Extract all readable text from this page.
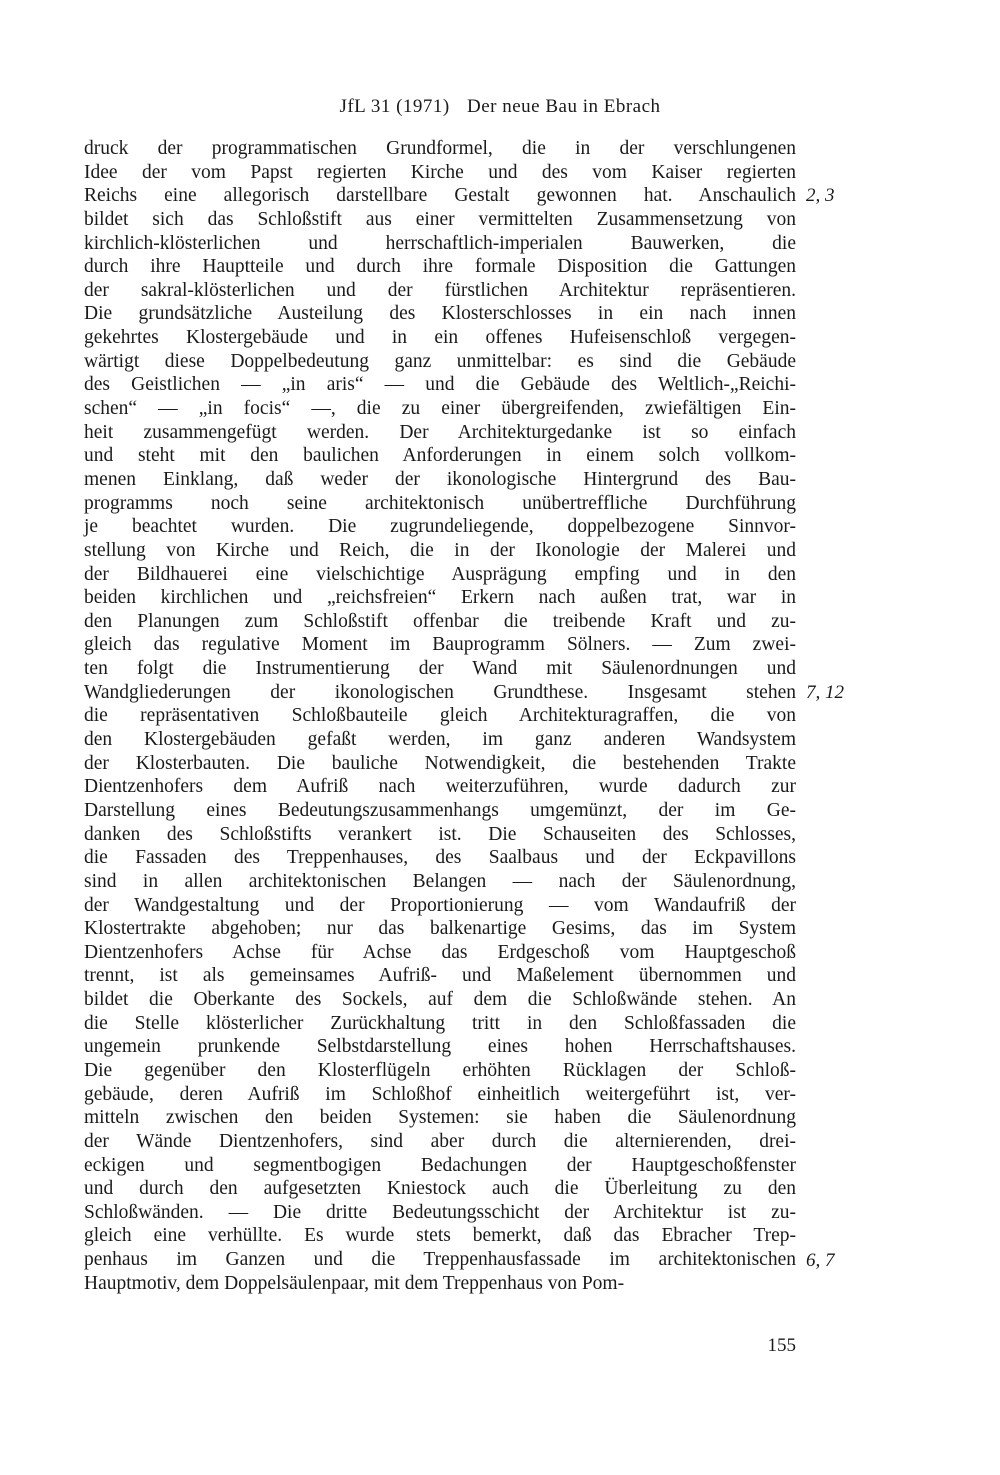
JfL 31 (1971) Der neue Bau in Ebrach
druck der programmatischen Grundformel, die in der verschlungenen
Idee der vom Papst regierten Kirche und des vom Kaiser regierten
Reichs eine allegorisch darstellbare Gestalt gewonnen hat. Anschaulich
bildet sich das Schloßstift aus einer vermittelten Zusammensetzung von
kirchlich-klösterlichen und herrschaftlich-imperialen Bauwerken, die
durch ihre Hauptteile und durch ihre formale Disposition die Gattungen
der sakral-klösterlichen und der fürstlichen Architektur repräsentieren.
Die grundsätzliche Austeilung des Klosterschlosses in ein nach innen
gekehrtes Klostergebäude und in ein offenes Hufeisenschloß vergegen-
wärtigt diese Doppelbedeutung ganz unmittelbar: es sind die Gebäude
des Geistlichen — „in aris“ — und die Gebäude des Weltlich-„Reichi-
schen“ — „in focis“ —, die zu einer übergreifenden, zwiefältigen Ein-
heit zusammengefügt werden. Der Architekturgedanke ist so einfach
und steht mit den baulichen Anforderungen in einem solch vollkom-
menen Einklang, daß weder der ikonologische Hintergrund des Bau-
programms noch seine architektonisch unübertreffliche Durchführung
je beachtet wurden. Die zugrundeliegende, doppelbezogene Sinnvor-
stellung von Kirche und Reich, die in der Ikonologie der Malerei und
der Bildhauerei eine vielschichtige Ausprägung empfing und in den
beiden kirchlichen und „reichsfreien“ Erkern nach außen trat, war in
den Planungen zum Schloßstift offenbar die treibende Kraft und zu-
gleich das regulative Moment im Bauprogramm Sölners. — Zum zwei-
ten folgt die Instrumentierung der Wand mit Säulenordnungen und
Wandgliederungen der ikonologischen Grundthese. Insgesamt stehen
die repräsentativen Schloßbauteile gleich Architekturagraffen, die von
den Klostergebäuden gefaßt werden, im ganz anderen Wandsystem
der Klosterbauten. Die bauliche Notwendigkeit, die bestehenden Trakte
Dientzenhofers dem Aufriß nach weiterzuführen, wurde dadurch zur
Darstellung eines Bedeutungszusammenhangs umgemünzt, der im Ge-
danken des Schloßstifts verankert ist. Die Schauseiten des Schlosses,
die Fassaden des Treppenhauses, des Saalbaus und der Eckpavillons
sind in allen architektonischen Belangen — nach der Säulenordnung,
der Wandgestaltung und der Proportionierung — vom Wandaufriß der
Klostertrakte abgehoben; nur das balkenartige Gesims, das im System
Dientzenhofers Achse für Achse das Erdgeschoß vom Hauptgeschoß
trennt, ist als gemeinsames Aufriß- und Maßelement übernommen und
bildet die Oberkante des Sockels, auf dem die Schloßwände stehen. An
die Stelle klösterlicher Zurückhaltung tritt in den Schloßfassaden die
ungemein prunkende Selbstdarstellung eines hohen Herrschaftshauses.
Die gegenüber den Klosterflügeln erhöhten Rücklagen der Schloß-
gebäude, deren Aufriß im Schloßhof einheitlich weitergeführt ist, ver-
mitteln zwischen den beiden Systemen: sie haben die Säulenordnung
der Wände Dientzenhofers, sind aber durch die alternierenden, drei-
eckigen und segmentbogigen Bedachungen der Hauptgeschoßfenster
und durch den aufgesetzten Kniestock auch die Überleitung zu den
Schloßwänden. — Die dritte Bedeutungsschicht der Architektur ist zu-
gleich eine verhüllte. Es wurde stets bemerkt, daß das Ebracher Trep-
penhaus im Ganzen und die Treppenhausfassade im architektonischen
Hauptmotiv, dem Doppelsäulenpaar, mit dem Treppenhaus von Pom-
2, 3
7, 12
6, 7
155
